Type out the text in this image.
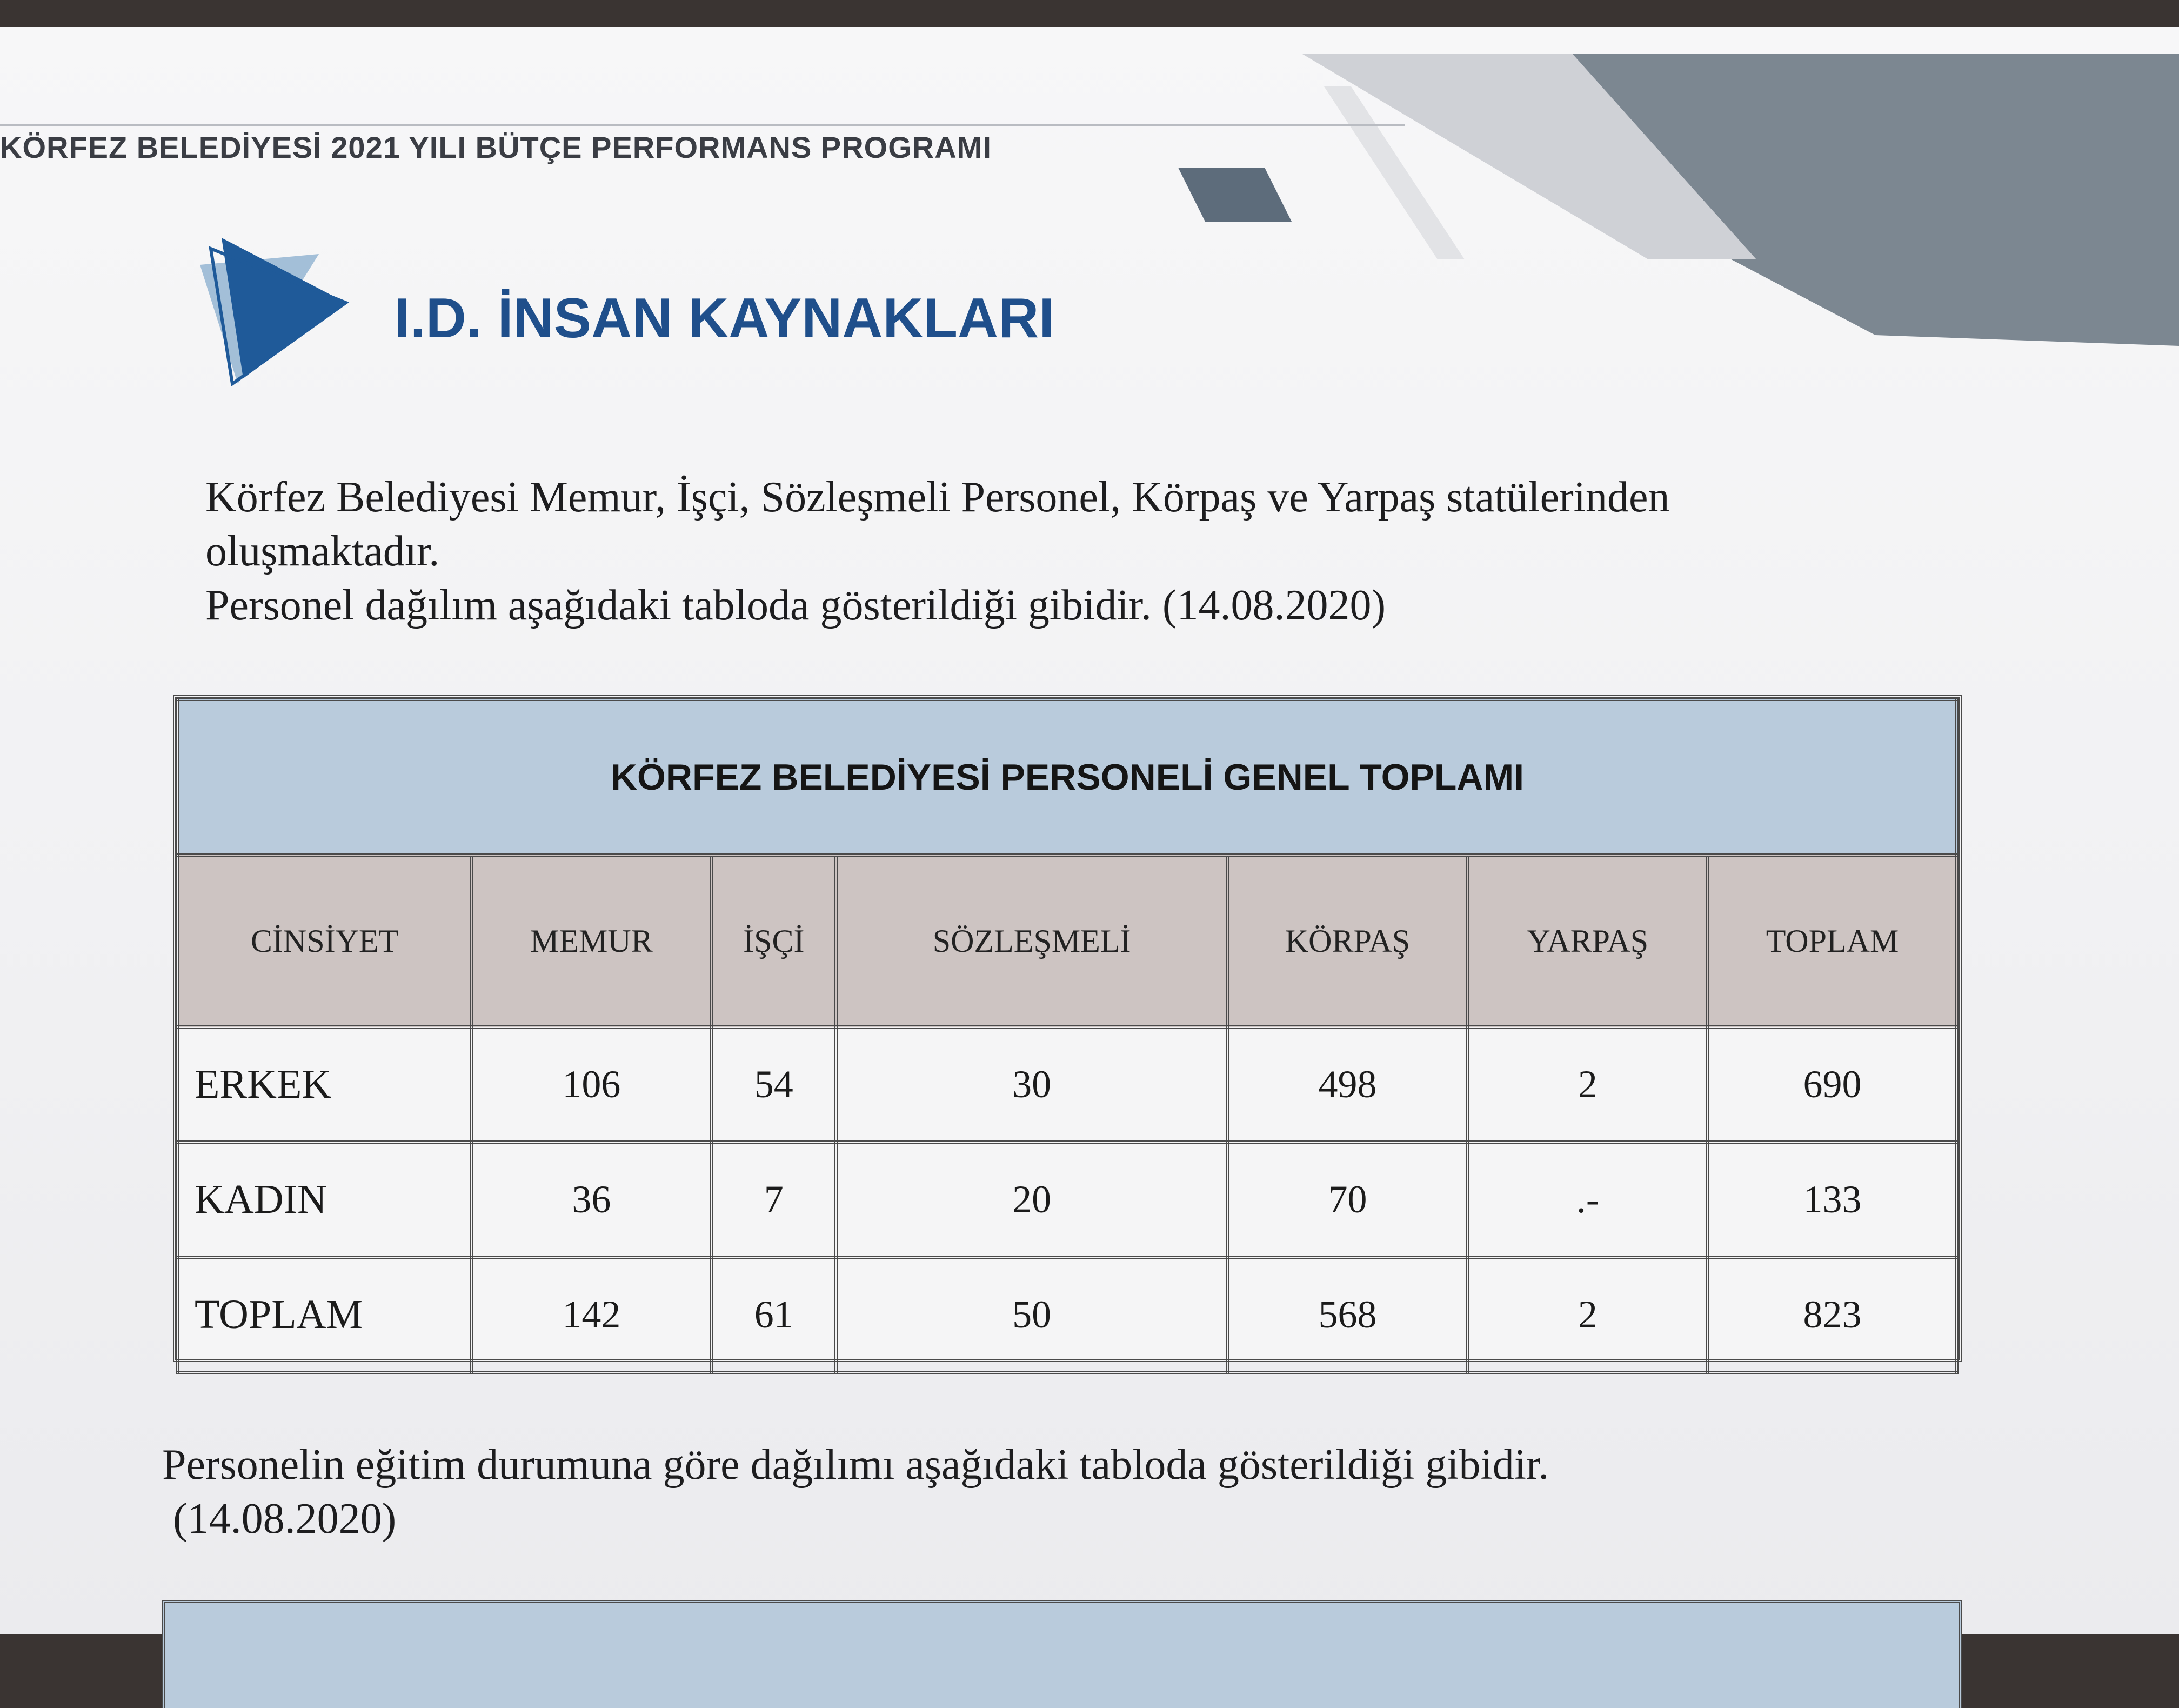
KÖRFEZ BELEDİYESİ 2021 YILI BÜTÇE PERFORMANS PROGRAMI
I.D. İNSAN KAYNAKLARI
Körfez Belediyesi Memur, İşçi, Sözleşmeli Personel, Körpaş ve Yarpaş statülerinden
oluşmaktadır.
Personel dağılım aşağıdaki tabloda gösterildiği gibidir. (14.08.2020)
KÖRFEZ BELEDİYESİ PERSONELİ GENEL TOPLAMI						
CİNSİYET	MEMUR	İŞÇİ	SÖZLEŞMELİ	KÖRPAŞ	YARPAŞ	TOPLAM
ERKEK	106	54	30	498	2	690
KADIN	36	7	20	70	.-	133
TOPLAM	142	61	50	568	2	823
Personelin eğitim durumuna göre dağılımı aşağıdaki tabloda gösterildiği gibidir.
(14.08.2020)
